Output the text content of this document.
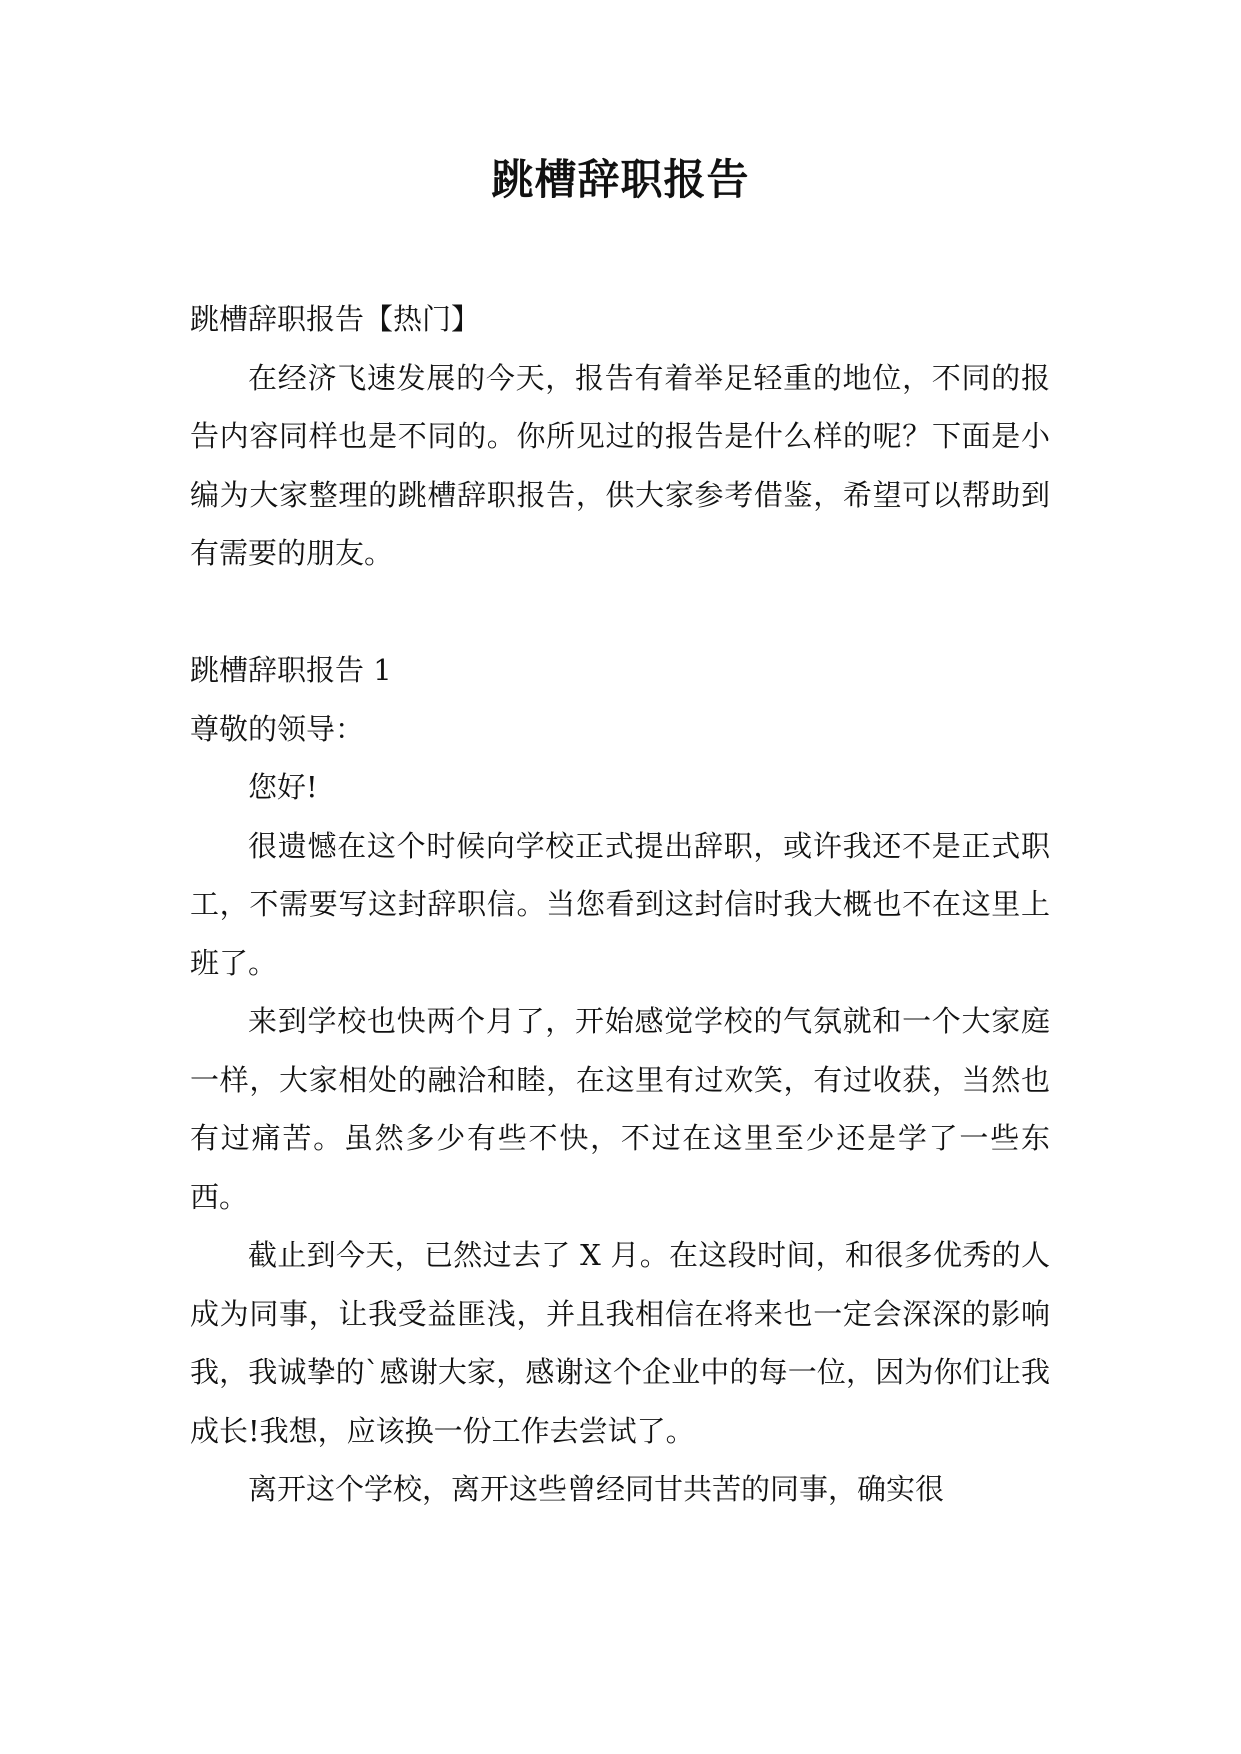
跳槽辞职报告

跳槽辞职报告【热门】

在经济飞速发展的今天，报告有着举足轻重的地位，不同的报告内容同样也是不同的。你所见过的报告是什么样的呢？下面是小编为大家整理的跳槽辞职报告，供大家参考借鉴，希望可以帮助到有需要的朋友。

跳槽辞职报告 1

尊敬的领导：

您好!

很遗憾在这个时候向学校正式提出辞职，或许我还不是正式职工，不需要写这封辞职信。当您看到这封信时我大概也不在这里上班了。

来到学校也快两个月了，开始感觉学校的气氛就和一个大家庭一样，大家相处的融洽和睦，在这里有过欢笑，有过收获，当然也有过痛苦。虽然多少有些不快，不过在这里至少还是学了一些东西。

截止到今天，已然过去了 X 月。在这段时间，和很多优秀的人成为同事，让我受益匪浅，并且我相信在将来也一定会深深的影响我，我诚挚的`感谢大家，感谢这个企业中的每一位，因为你们让我成长!我想，应该换一份工作去尝试了。

离开这个学校，离开这些曾经同甘共苦的同事，确实很
